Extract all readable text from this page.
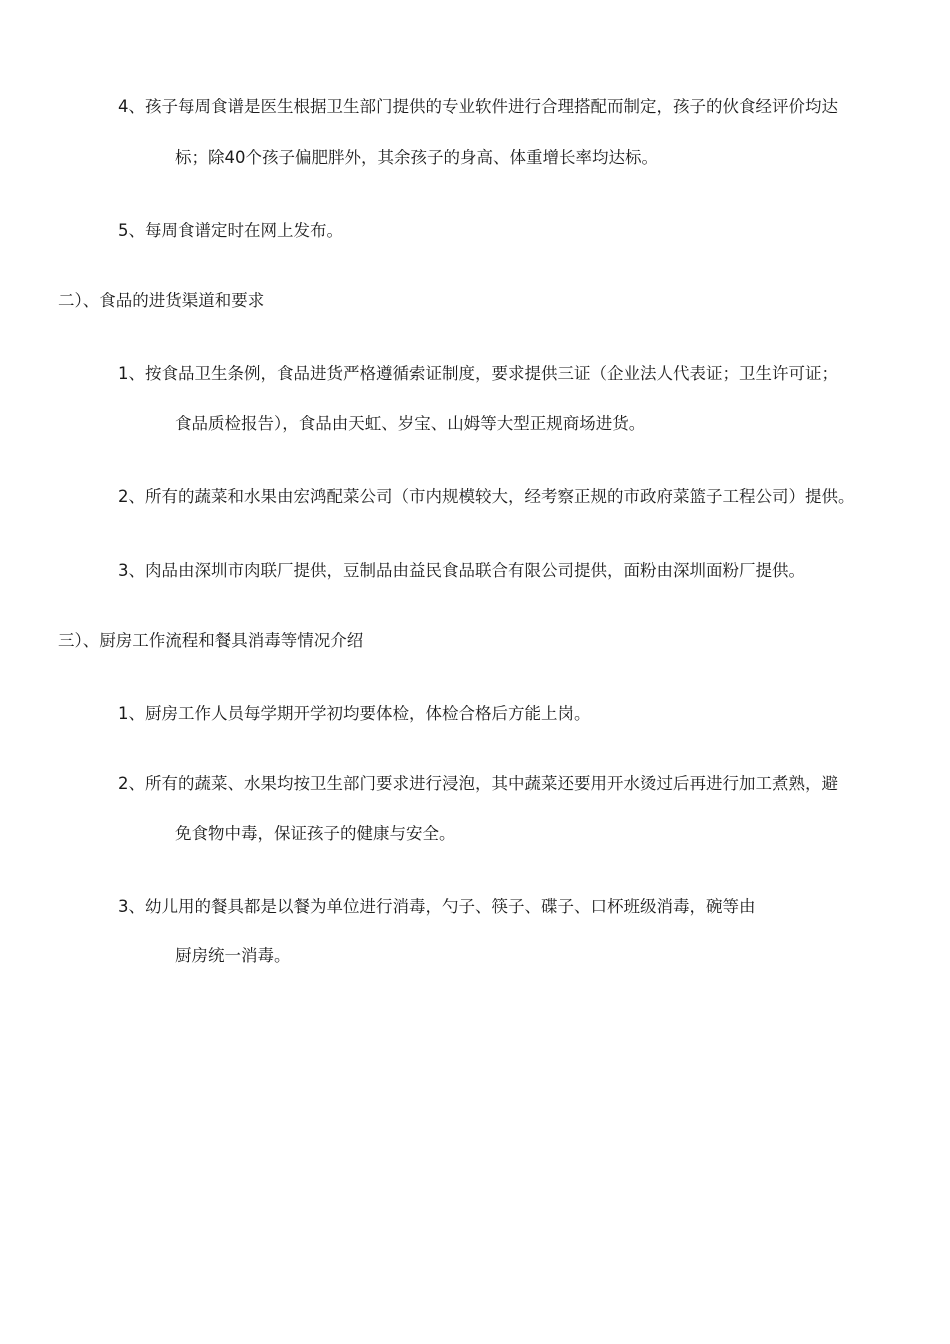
4、孩子每周食谱是医生根据卫生部门提供的专业软件进行合理搭配而制定，孩子的伙食经评价均达
标；除40个孩子偏肥胖外，其余孩子的身高、体重增长率均达标。
5、每周食谱定时在网上发布。
二）、食品的进货渠道和要求
1、按食品卫生条例，食品进货严格遵循索证制度，要求提供三证（企业法人代表证；卫生许可证；
食品质检报告），食品由天虹、岁宝、山姆等大型正规商场进货。
2、所有的蔬菜和水果由宏鸿配菜公司（市内规模较大，经考察正规的市政府菜篮子工程公司）提供。
3、肉品由深圳市肉联厂提供，豆制品由益民食品联合有限公司提供，面粉由深圳面粉厂提供。
三）、厨房工作流程和餐具消毒等情况介绍
1、厨房工作人员每学期开学初均要体检，体检合格后方能上岗。
2、所有的蔬菜、水果均按卫生部门要求进行浸泡，其中蔬菜还要用开水烫过后再进行加工煮熟，避
免食物中毒，保证孩子的健康与安全。
3、幼儿用的餐具都是以餐为单位进行消毒，勺子、筷子、碟子、口杯班级消毒，碗等由
厨房统一消毒。
